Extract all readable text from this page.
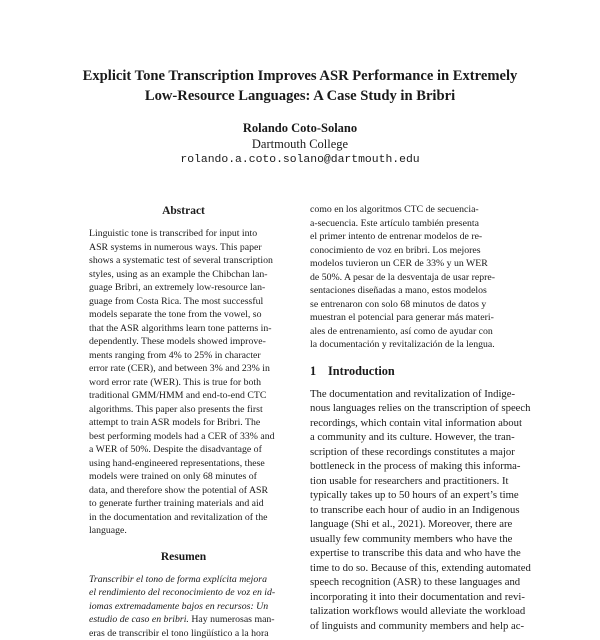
Explicit Tone Transcription Improves ASR Performance in Extremely
Low-Resource Languages: A Case Study in Bribri
Rolando Coto-Solano
Dartmouth College
rolando.a.coto.solano@dartmouth.edu
Abstract
Linguistic tone is transcribed for input into
ASR systems in numerous ways. This paper
shows a systematic test of several transcription
styles, using as an example the Chibchan lan-
guage Bribri, an extremely low-resource lan-
guage from Costa Rica. The most successful
models separate the tone from the vowel, so
that the ASR algorithms learn tone patterns in-
dependently. These models showed improve-
ments ranging from 4% to 25% in character
error rate (CER), and between 3% and 23% in
word error rate (WER). This is true for both
traditional GMM/HMM and end-to-end CTC
algorithms. This paper also presents the first
attempt to train ASR models for Bribri. The
best performing models had a CER of 33% and
a WER of 50%. Despite the disadvantage of
using hand-engineered representations, these
models were trained on only 68 minutes of
data, and therefore show the potential of ASR
to generate further training materials and aid
in the documentation and revitalization of the
language.
Resumen
Transcribir el tono de forma explícita mejora
el rendimiento del reconocimiento de voz en id-
iomas extremadamente bajos en recursos: Un
estudio de caso en bribri. Hay numerosas man-
eras de transcribir el tono lingüístico a la hora
como en los algoritmos CTC de secuencia-
a-secuencia. Este artículo también presenta
el primer intento de entrenar modelos de re-
conocimiento de voz en bribri. Los mejores
modelos tuvieron un CER de 33% y un WER
de 50%. A pesar de la desventaja de usar repre-
sentaciones diseñadas a mano, estos modelos
se entrenaron con solo 68 minutos de datos y
muestran el potencial para generar más materi-
ales de entrenamiento, así como de ayudar con
la documentación y revitalización de la lengua.
1 Introduction
The documentation and revitalization of Indige-
nous languages relies on the transcription of speech
recordings, which contain vital information about
a community and its culture. However, the tran-
scription of these recordings constitutes a major
bottleneck in the process of making this informa-
tion usable for researchers and practitioners. It
typically takes up to 50 hours of an expert’s time
to transcribe each hour of audio in an Indigenous
language (Shi et al., 2021). Moreover, there are
usually few community members who have the
expertise to transcribe this data and who have the
time to do so. Because of this, extending automated
speech recognition (ASR) to these languages and
incorporating it into their documentation and revi-
talization workflows would alleviate the workload
of linguists and community members and help ac-
